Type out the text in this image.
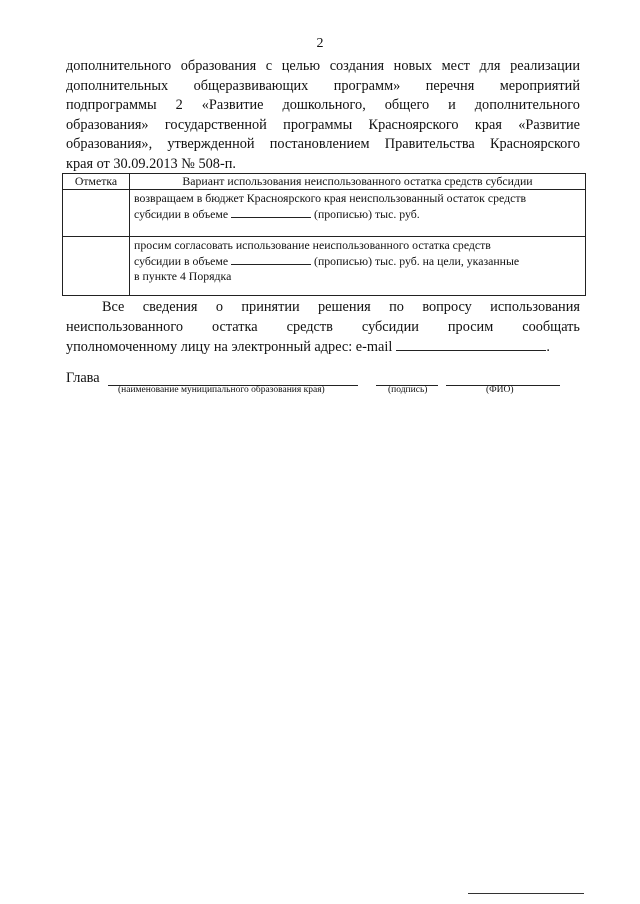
2
дополнительного образования с целью создания новых мест для реализации
дополнительных общеразвивающих программ» перечня мероприятий
подпрограммы 2 «Развитие дошкольного, общего и дополнительного
образования» государственной программы Красноярского края «Развитие
образования», утвержденной постановлением Правительства Красноярского
края от 30.09.2013 № 508-п.
Отметка	Вариант использования неиспользованного остатка средств субсидии

	возвращаем в бюджет Красноярского края неиспользованный остаток средств
субсидии в объеме (прописью) тыс. руб.

	просим согласовать использование неиспользованного остатка средств
субсидии в объеме (прописью) тыс. руб. на цели, указанные
в пункте 4 Порядка
Все сведения о принятии решения по вопросу использования
неиспользованного остатка средств субсидии просим сообщать
уполномоченному лицу на электронный адрес: e-mail	.
Глава
(наименование муниципального образования края)	(подпись)	(ФИО)
